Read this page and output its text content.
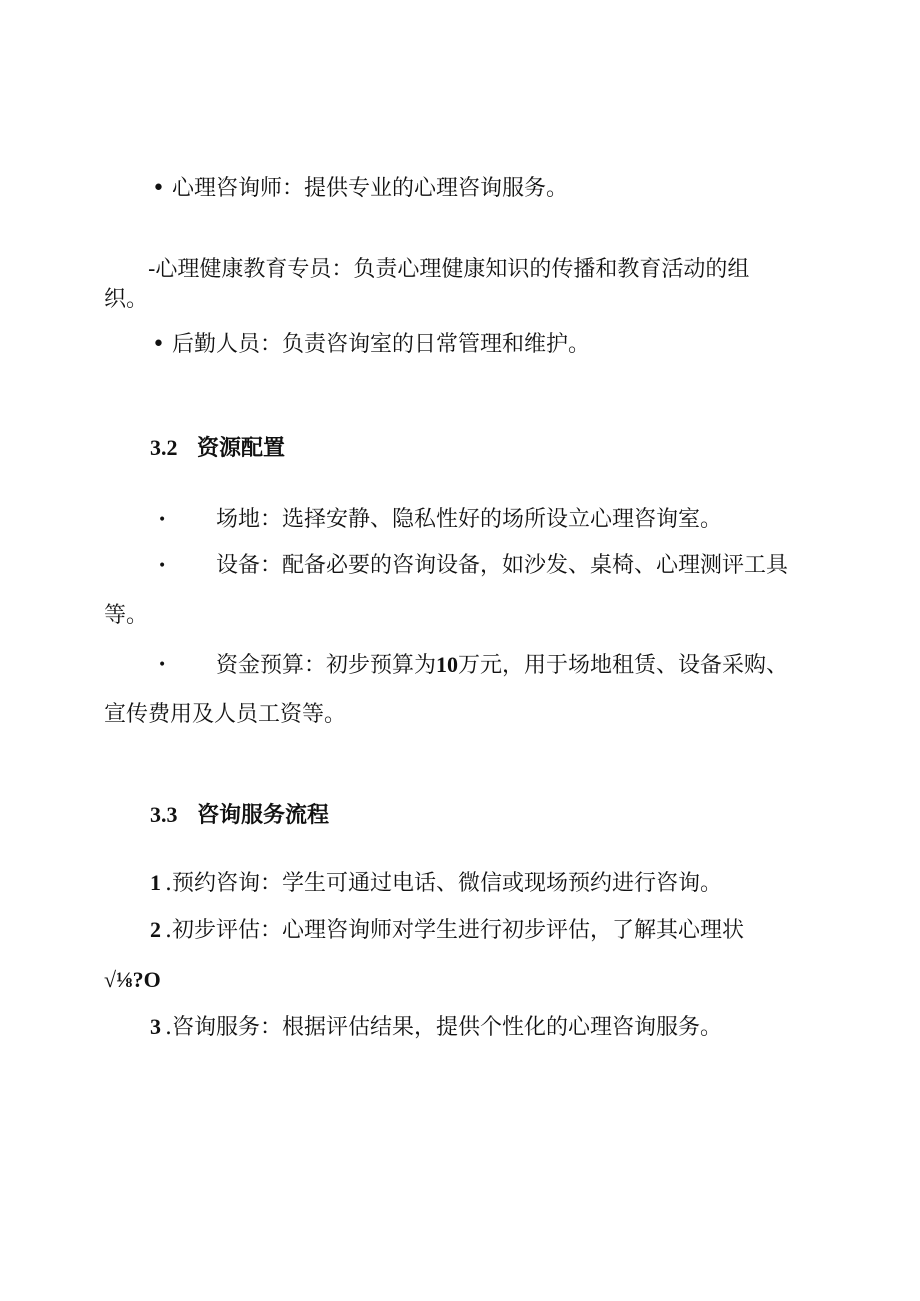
• 心理咨询师：提供专业的心理咨询服务。
-心理健康教育专员：负责心理健康知识的传播和教育活动的组
织。
• 后勤人员：负责咨询室的日常管理和维护。
3.2 资源配置
• 场地：选择安静、隐私性好的场所设立心理咨询室。
• 设备：配备必要的咨询设备，如沙发、桌椅、心理测评工具
等。
• 资金预算：初步预算为10万元，用于场地租赁、设备采购、
宣传费用及人员工资等。
3.3 咨询服务流程
1 .预约咨询：学生可通过电话、微信或现场预约进行咨询。
2 .初步评估：心理咨询师对学生进行初步评估，了解其心理状
√⅛?O
3 .咨询服务：根据评估结果，提供个性化的心理咨询服务。
